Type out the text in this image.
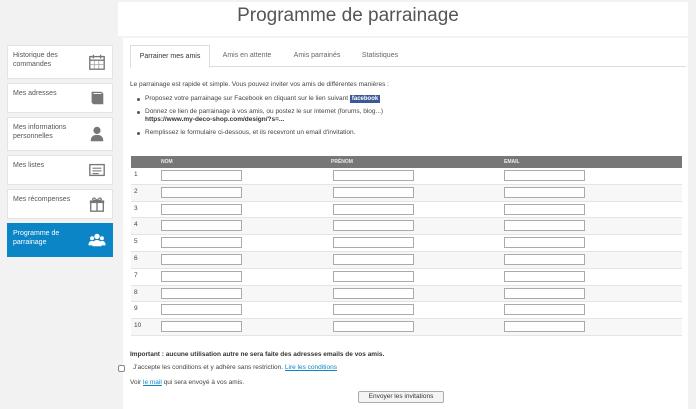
Programme de parrainage
Historique des commandes
Mes adresses
Mes informations personnelles
Mes listes
Mes récompenses
Programme de parrainage
Parrainer mes amis	Amis en attente	Amis parrainés	Statistiques
Le parrainage est rapide et simple. Vous pouvez inviter vos amis de différentes manières :
Proposez votre parrainage sur Facebook en cliquant sur le lien suivant facebook
Donnez ce lien de parrainage à vos amis, ou postez le sur internet (forums, blog...)
https://www.my-deco-shop.com/design/?s=...
Remplissez le formulaire ci-dessous, et ils recevront un email d'invitation.
NOM	PRÉNOM	EMAIL
1
2
3
4
5
6
7
8
9
10
Important : aucune utilisation autre ne sera faite des adresses emails de vos amis.
J'accepte les conditions et y adhère sans restriction. Lire les conditions
Voir le mail qui sera envoyé à vos amis.
Envoyer les invitations
